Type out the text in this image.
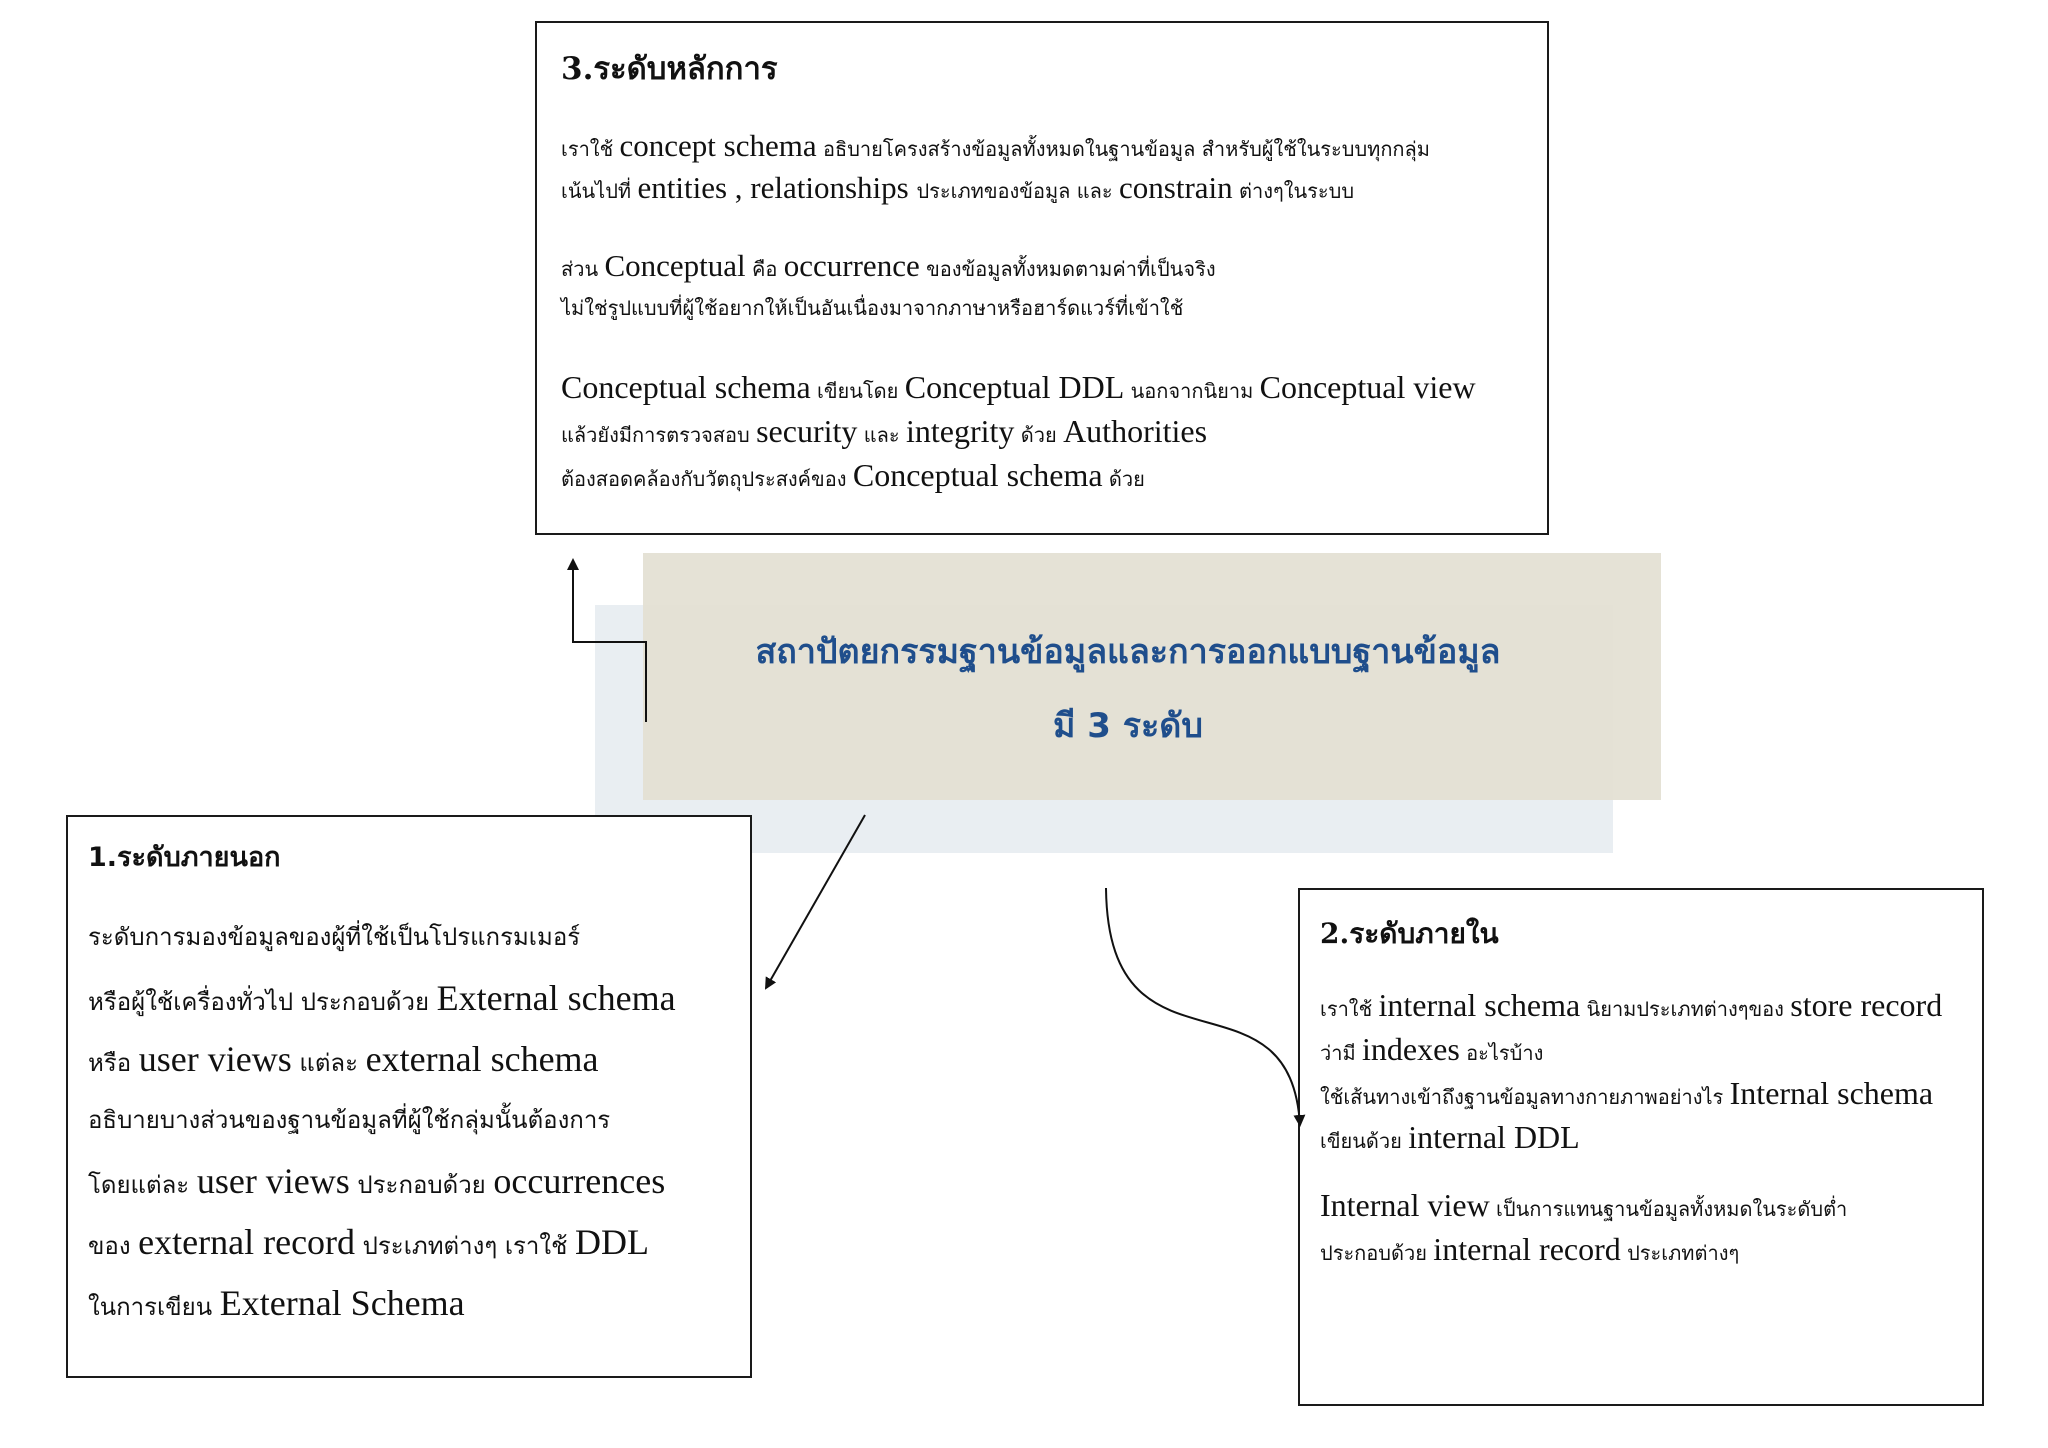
สถาปัตยกรรมฐานข้อมูลและการออกแบบฐานข้อมูล
มี 3 ระดับ
3.ระดับหลักการ
เราใช้ concept schema อธิบายโครงสร้างข้อมูลทั้งหมดในฐานข้อมูล สำหรับผู้ใช้ในระบบทุกกลุ่ม
เน้นไปที่ entities , relationships ประเภทของข้อมูล และ constrain ต่างๆในระบบ
ส่วน Conceptual คือ occurrence ของข้อมูลทั้งหมดตามค่าที่เป็นจริง
ไม่ใช่รูปแบบที่ผู้ใช้อยากให้เป็นอันเนื่องมาจากภาษาหรือฮาร์ดแวร์ที่เข้าใช้
Conceptual schema เขียนโดย Conceptual DDL นอกจากนิยาม Conceptual view
แล้วยังมีการตรวจสอบ security และ integrity ด้วย Authorities
ต้องสอดคล้องกับวัตถุประสงค์ของ Conceptual schema ด้วย
1.ระดับภายนอก
ระดับการมองข้อมูลของผู้ที่ใช้เป็นโปรแกรมเมอร์
หรือผู้ใช้เครื่องทั่วไป ประกอบด้วย External schema
หรือ user views แต่ละ external schema
อธิบายบางส่วนของฐานข้อมูลที่ผู้ใช้กลุ่มนั้นต้องการ
โดยแต่ละ user views ประกอบด้วย occurrences
ของ external record ประเภทต่างๆ เราใช้ DDL
ในการเขียน External Schema
2.ระดับภายใน
เราใช้ internal schema นิยามประเภทต่างๆของ store record
ว่ามี indexes อะไรบ้าง
ใช้เส้นทางเข้าถึงฐานข้อมูลทางกายภาพอย่างไร Internal schema
เขียนด้วย internal DDL
Internal view เป็นการแทนฐานข้อมูลทั้งหมดในระดับต่ำ
ประกอบด้วย internal record ประเภทต่างๆ
